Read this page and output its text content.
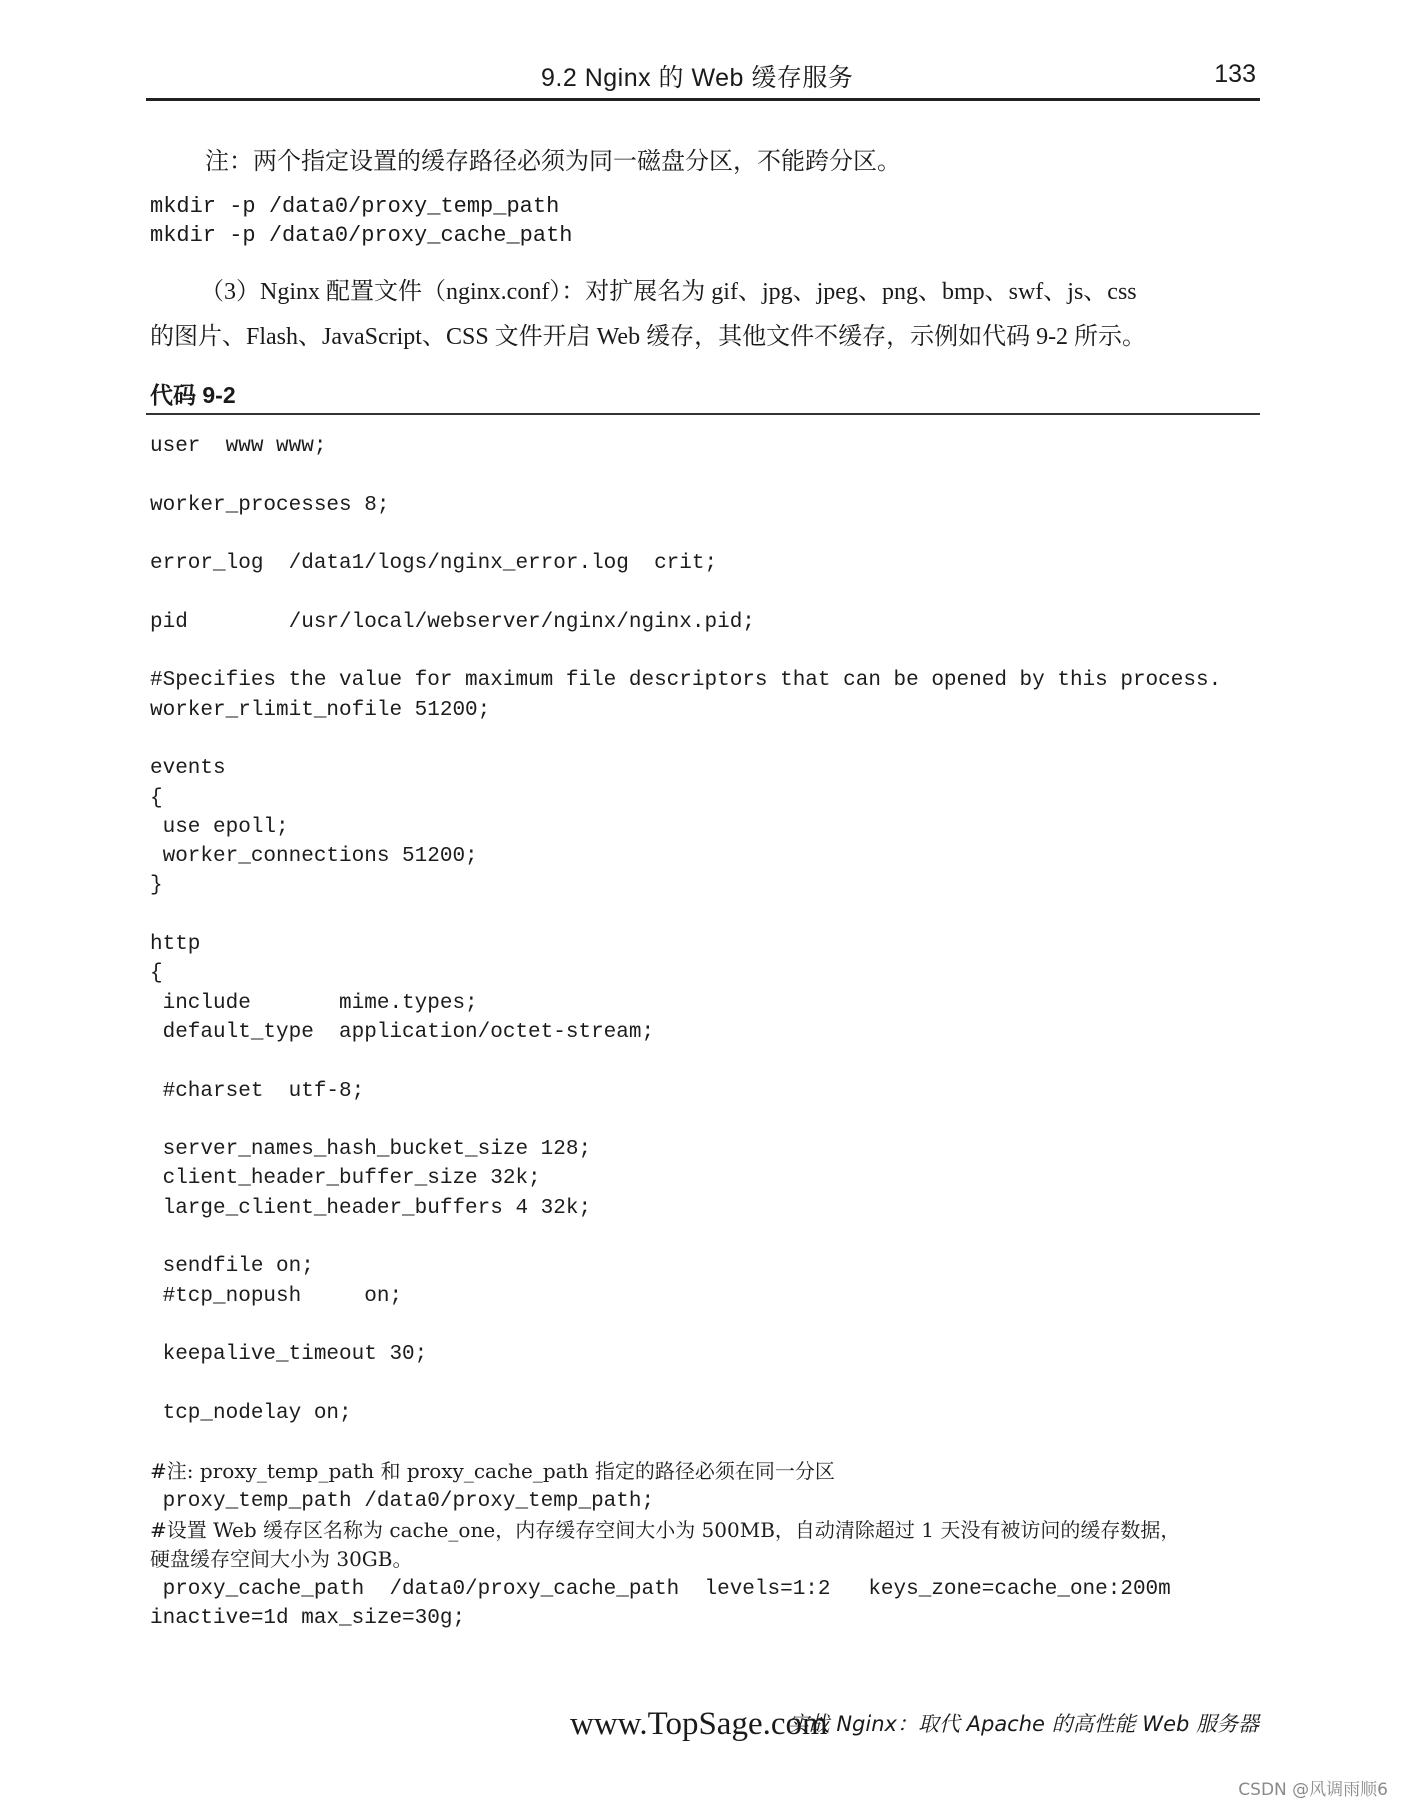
9.2 Nginx 的 Web 缓存服务	133
注：两个指定设置的缓存路径必须为同一磁盘分区，不能跨分区。
mkdir -p /data0/proxy_temp_path
mkdir -p /data0/proxy_cache_path

（3）Nginx 配置文件（nginx.conf）：对扩展名为 gif、jpg、jpeg、png、bmp、swf、js、css
的图片、Flash、JavaScript、CSS 文件开启 Web 缓存，其他文件不缓存，示例如代码 9-2 所示。

代码 9-2
user  www www;
worker_processes 8;
error_log  /data1/logs/nginx_error.log  crit;
pid        /usr/local/webserver/nginx/nginx.pid;
#Specifies the value for maximum file descriptors that can be opened by this process.
worker_rlimit_nofile 51200;
events
{
use epoll;
worker_connections 51200;
}
http
{
include       mime.types;
default_type  application/octet-stream;
#charset  utf-8;
server_names_hash_bucket_size 128;
client_header_buffer_size 32k;
large_client_header_buffers 4 32k;
sendfile on;
#tcp_nopush     on;
keepalive_timeout 30;
tcp_nodelay on;
#注: proxy_temp_path 和 proxy_cache_path 指定的路径必须在同一分区
proxy_temp_path /data0/proxy_temp_path;
#设置 Web 缓存区名称为 cache_one，内存缓存空间大小为 500MB，自动清除超过 1 天没有被访问的缓存数据，
硬盘缓存空间大小为 30GB。
proxy_cache_path  /data0/proxy_cache_path  levels=1:2   keys_zone=cache_one:200m
inactive=1d max_size=30g;
www.TopSage.com
实战 Nginx：取代 Apache 的高性能 Web 服务器
CSDN @风调雨顺6
